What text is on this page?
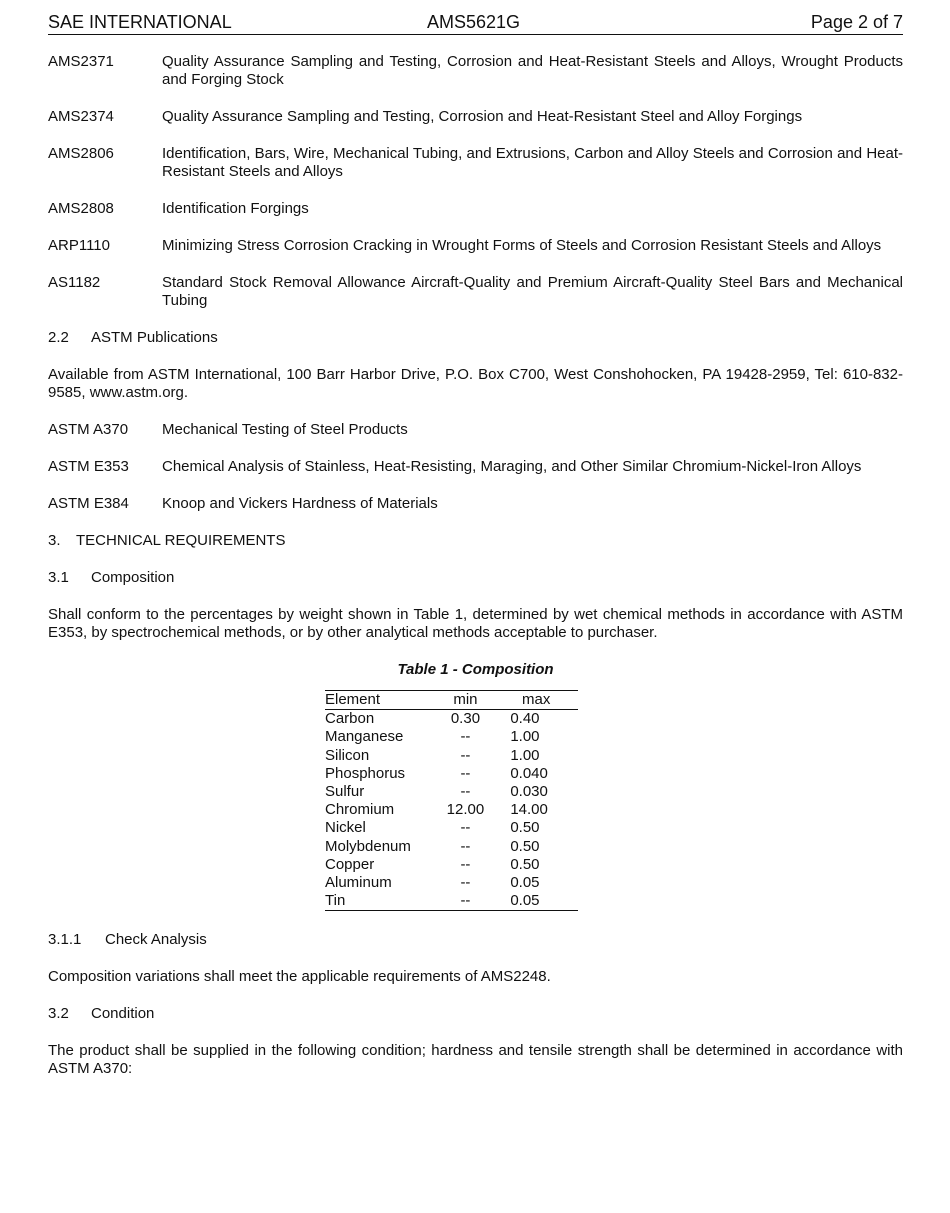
SAE INTERNATIONAL	AMS5621G	Page 2 of 7
AMS2371	Quality Assurance Sampling and Testing, Corrosion and Heat-Resistant Steels and Alloys, Wrought Products and Forging Stock
AMS2374	Quality Assurance Sampling and Testing, Corrosion and Heat-Resistant Steel and Alloy Forgings
AMS2806	Identification, Bars, Wire, Mechanical Tubing, and Extrusions, Carbon and Alloy Steels and Corrosion and Heat-Resistant Steels and Alloys
AMS2808	Identification Forgings
ARP1110	Minimizing Stress Corrosion Cracking in Wrought Forms of Steels and Corrosion Resistant Steels and Alloys
AS1182	Standard Stock Removal Allowance Aircraft-Quality and Premium Aircraft-Quality Steel Bars and Mechanical Tubing
2.2 ASTM Publications
Available from ASTM International, 100 Barr Harbor Drive, P.O. Box C700, West Conshohocken, PA 19428-2959, Tel: 610-832-9585, www.astm.org.
ASTM A370	Mechanical Testing of Steel Products
ASTM E353	Chemical Analysis of Stainless, Heat-Resisting, Maraging, and Other Similar Chromium-Nickel-Iron Alloys
ASTM E384	Knoop and Vickers Hardness of Materials
3. TECHNICAL REQUIREMENTS
3.1 Composition
Shall conform to the percentages by weight shown in Table 1, determined by wet chemical methods in accordance with ASTM E353, by spectrochemical methods, or by other analytical methods acceptable to purchaser.
Table 1 - Composition
Element	min	max
Carbon	0.30	0.40
Manganese	--	1.00
Silicon	--	1.00
Phosphorus	--	0.040
Sulfur	--	0.030
Chromium	12.00	14.00
Nickel	--	0.50
Molybdenum	--	0.50
Copper	--	0.50
Aluminum	--	0.05
Tin	--	0.05
3.1.1 Check Analysis
Composition variations shall meet the applicable requirements of AMS2248.
3.2 Condition
The product shall be supplied in the following condition; hardness and tensile strength shall be determined in accordance with ASTM A370:
